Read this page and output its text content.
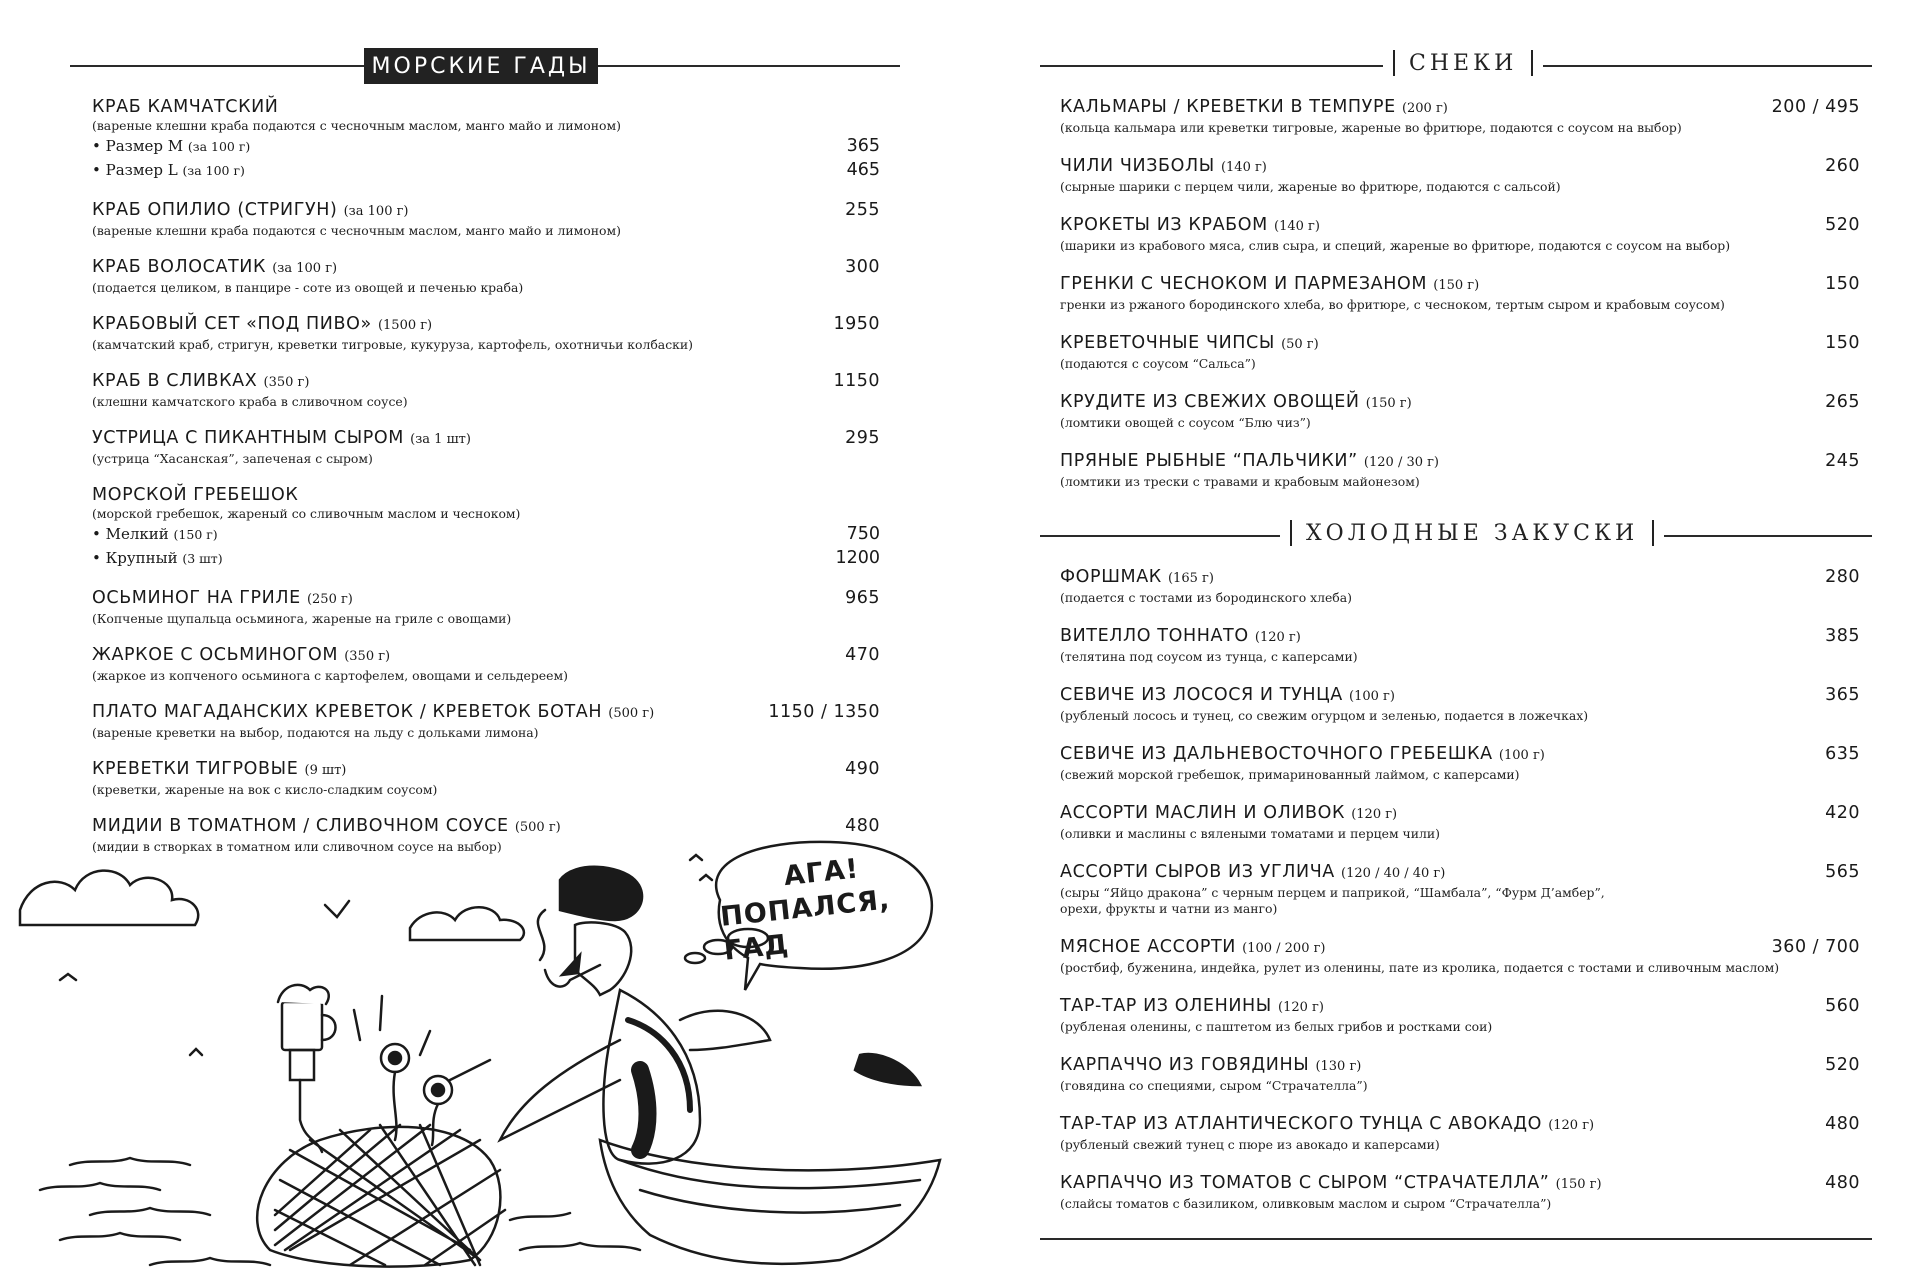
МОРСКИЕ ГАДЫ
КРАБ КАМЧАТСКИЙ
(вареные клешни краба подаются с чесночным маслом, манго майо и лимоном)
• Размер М (за 100 г)	365
• Размер L (за 100 г)	465
КРАБ ОПИЛИО (СТРИГУН) (за 100 г)	255
(вареные клешни краба подаются с чесночным маслом, манго майо и лимоном)
КРАБ ВОЛОСАТИК (за 100 г)	300
(подается целиком, в панцире - соте из овощей и печенью краба)
КРАБОВЫЙ СЕТ «ПОД ПИВО» (1500 г)	1950
(камчатский краб, стригун, креветки тигровые, кукуруза, картофель, охотничьи колбаски)
КРАБ В СЛИВКАХ (350 г)	1150
(клешни камчатского краба в сливочном соусе)
УСТРИЦА С ПИКАНТНЫМ СЫРОМ (за 1 шт)	295
(устрица “Хасанская”, запеченая с сыром)
МОРСКОЙ ГРЕБЕШОК
(морской гребешок, жареный со сливочным маслом и чесноком)
• Мелкий (150 г)	750
• Крупный (3 шт)	1200
ОСЬМИНОГ НА ГРИЛЕ (250 г)	965
(Копченые щупальца осьминога, жареные на гриле с овощами)
ЖАРКОЕ С ОСЬМИНОГОМ (350 г)	470
(жаркое из копченого осьминога с картофелем, овощами и сельдереем)
ПЛАТО МАГАДАНСКИХ КРЕВЕТОК / КРЕВЕТОК БОТАН (500 г)	1150 / 1350
(вареные креветки на выбор, подаются на льду с дольками лимона)
КРЕВЕТКИ ТИГРОВЫЕ (9 шт)	490
(креветки, жареные на вок с кисло-сладким соусом)
МИДИИ В ТОМАТНОМ / СЛИВОЧНОМ СОУСЕ (500 г)	480
(мидии в створках в томатном или сливочном соусе на выбор)
АГА!
ПОПАЛСЯ, ГАД
СНЕКИ
КАЛЬМАРЫ / КРЕВЕТКИ В ТЕМПУРЕ (200 г)	200 / 495
(кольца кальмара или креветки тигровые, жареные во фритюре, подаются с соусом на выбор)
ЧИЛИ ЧИЗБОЛЫ (140 г)	260
(сырные шарики с перцем чили, жареные во фритюре, подаются с сальсой)
КРОКЕТЫ ИЗ КРАБОМ (140 г)	520
(шарики из крабового мяса, слив сыра, и специй, жареные во фритюре, подаются с соусом на выбор)
ГРЕНКИ С ЧЕСНОКОМ И ПАРМЕЗАНОМ (150 г)	150
гренки из ржаного бородинского хлеба, во фритюре, с чесноком, тертым сыром и крабовым соусом)
КРЕВЕТОЧНЫЕ ЧИПСЫ (50 г)	150
(подаются с соусом “Сальса”)
КРУДИТЕ ИЗ СВЕЖИХ ОВОЩЕЙ (150 г)	265
(ломтики овощей с соусом “Блю чиз”)
ПРЯНЫЕ РЫБНЫЕ “ПАЛЬЧИКИ” (120 / 30 г)	245
(ломтики из трески с травами и крабовым майонезом)
ХОЛОДНЫЕ ЗАКУСКИ
ФОРШМАК (165 г)	280
(подается с тостами из бородинского хлеба)
ВИТЕЛЛО ТОННАТО (120 г)	385
(телятина под соусом из тунца, с каперсами)
СЕВИЧЕ ИЗ ЛОСОСЯ И ТУНЦА (100 г)	365
(рубленый лосось и тунец, со свежим огурцом и зеленью, подается в ложечках)
СЕВИЧЕ ИЗ ДАЛЬНЕВОСТОЧНОГО ГРЕБЕШКА (100 г)	635
(свежий морской гребешок, примаринованный лаймом, с каперсами)
АССОРТИ МАСЛИН И ОЛИВОК (120 г)	420
(оливки и маслины с вялеными томатами и перцем чили)
АССОРТИ СЫРОВ ИЗ УГЛИЧА (120 / 40 / 40 г)	565
(сыры “Яйцо дракона” с черным перцем и паприкой, “Шамбала”, “Фурм Д’амбер”,
орехи, фрукты и чатни из манго)
МЯСНОЕ АССОРТИ (100 / 200 г)	360 / 700
(ростбиф, буженина, индейка, рулет из оленины, пате из кролика, подается с тостами и сливочным маслом)
ТАР-ТАР ИЗ ОЛЕНИНЫ (120 г)	560
(рубленая оленины, с паштетом из белых грибов и ростками сои)
КАРПАЧЧО ИЗ ГОВЯДИНЫ (130 г)	520
(говядина со специями, сыром “Страчателла”)
ТАР-ТАР ИЗ АТЛАНТИЧЕСКОГО ТУНЦА С АВОКАДО (120 г)	480
(рубленый свежий тунец с пюре из авокадо и каперсами)
КАРПАЧЧО ИЗ ТОМАТОВ С СЫРОМ “СТРАЧАТЕЛЛА” (150 г)	480
(слайсы томатов с базиликом, оливковым маслом и сыром “Страчателла”)
